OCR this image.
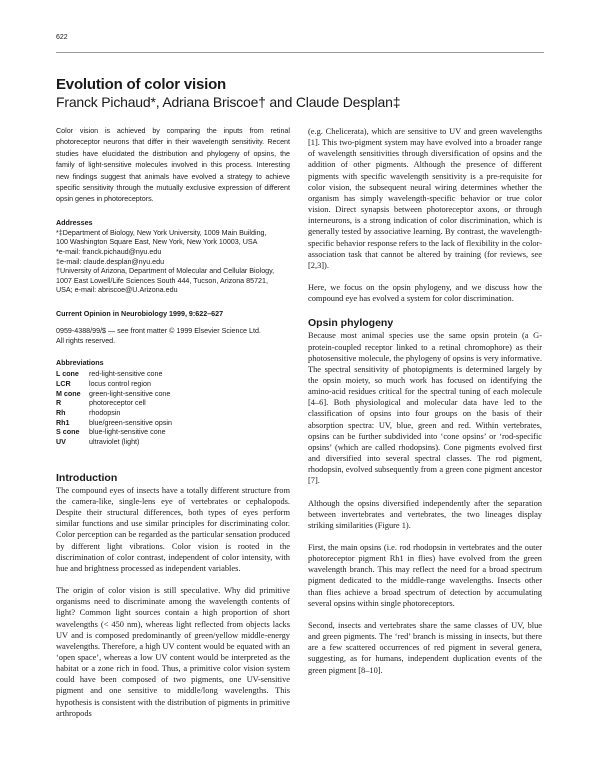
622
Evolution of color vision
Franck Pichaud*, Adriana Briscoe† and Claude Desplan‡
Color vision is achieved by comparing the inputs from retinal photoreceptor neurons that differ in their wavelength sensitivity. Recent studies have elucidated the distribution and phylogeny of opsins, the family of light-sensitive molecules involved in this process. Interesting new findings suggest that animals have evolved a strategy to achieve specific sensitivity through the mutually exclusive expression of different opsin genes in photoreceptors.
Addresses
*‡Department of Biology, New York University, 1009 Main Building,
100 Washington Square East, New York, New York 10003, USA
*e-mail: franck.pichaud@nyu.edu
‡e-mail: claude.desplan@nyu.edu
†University of Arizona, Department of Molecular and Cellular Biology,
1007 East Lowell/Life Sciences South 444, Tucson, Arizona 85721,
USA; e-mail: abriscoe@U.Arizona.edu
Current Opinion in Neurobiology 1999, 9:622–627
0959-4388/99/$ — see front matter © 1999 Elsevier Science Ltd.
All rights reserved.
Abbreviations
L cone	red-light-sensitive cone
LCR	locus control region
M cone	green-light-sensitive cone
R	photoreceptor cell
Rh	rhodopsin
Rh1	blue/green-sensitive opsin
S cone	blue-light-sensitive cone
UV	ultraviolet (light)
Introduction

The compound eyes of insects have a totally different structure from the camera-like, single-lens eye of vertebrates or cephalopods. Despite their structural differences, both types of eyes perform similar functions and use similar principles for discriminating color. Color perception can be regarded as the particular sensation produced by different light vibrations. Color vision is rooted in the discrimination of color contrast, independent of color intensity, with hue and brightness processed as independent variables.

The origin of color vision is still speculative. Why did primitive organisms need to discriminate among the wavelength contents of light? Common light sources contain a high proportion of short wavelengths (< 450 nm), whereas light reflected from objects lacks UV and is composed predominantly of green/yellow middle-energy wavelengths. Therefore, a high UV content would be equated with an ‘open space’, whereas a low UV content would be interpreted as the habitat or a zone rich in food. Thus, a primitive color vision system could have been composed of two pigments, one UV-sensitive pigment and one sensitive to middle/long wavelengths. This hypothesis is consistent with the distribution of pigments in primitive arthropods

(e.g. Chelicerata), which are sensitive to UV and green wavelengths [1]. This two-pigment system may have evolved into a broader range of wavelength sensitivities through diversification of opsins and the addition of other pigments. Although the presence of different pigments with specific wavelength sensitivity is a pre-requisite for color vision, the subsequent neural wiring determines whether the organism has simply wavelength-specific behavior or true color vision. Direct synapsis between photoreceptor axons, or through interneurons, is a strong indication of color discrimination, which is generally tested by associative learning. By contrast, the wavelength-specific behavior response refers to the lack of flexibility in the color-association task that cannot be altered by training (for reviews, see [2,3]).

Here, we focus on the opsin phylogeny, and we discuss how the compound eye has evolved a system for color discrimination.

Opsin phylogeny

Because most animal species use the same opsin protein (a G-protein-coupled receptor linked to a retinal chromophore) as their photosensitive molecule, the phylogeny of opsins is very informative. The spectral sensitivity of photopigments is determined largely by the opsin moiety, so much work has focused on identifying the amino-acid residues critical for the spectral tuning of each molecule [4–6]. Both physiological and molecular data have led to the classification of opsins into four groups on the basis of their absorption spectra: UV, blue, green and red. Within vertebrates, opsins can be further subdivided into ‘cone opsins’ or ‘rod-specific opsins’ (which are called rhodopsins). Cone pigments evolved first and diversified into several spectral classes. The rod pigment, rhodopsin, evolved subsequently from a green cone pigment ancestor [7].

Although the opsins diversified independently after the separation between invertebrates and vertebrates, the two lineages display striking similarities (Figure 1).

First, the main opsins (i.e. rod rhodopsin in vertebrates and the outer photoreceptor pigment Rh1 in flies) have evolved from the green wavelength branch. This may reflect the need for a broad spectrum pigment dedicated to the middle-range wavelengths. Insects other than flies achieve a broad spectrum of detection by accumulating several opsins within single photoreceptors.

Second, insects and vertebrates share the same classes of UV, blue and green pigments. The ‘red’ branch is missing in insects, but there are a few scattered occurrences of red pigment in several genera, suggesting, as for humans, independent duplication events of the green pigment [8–10].
